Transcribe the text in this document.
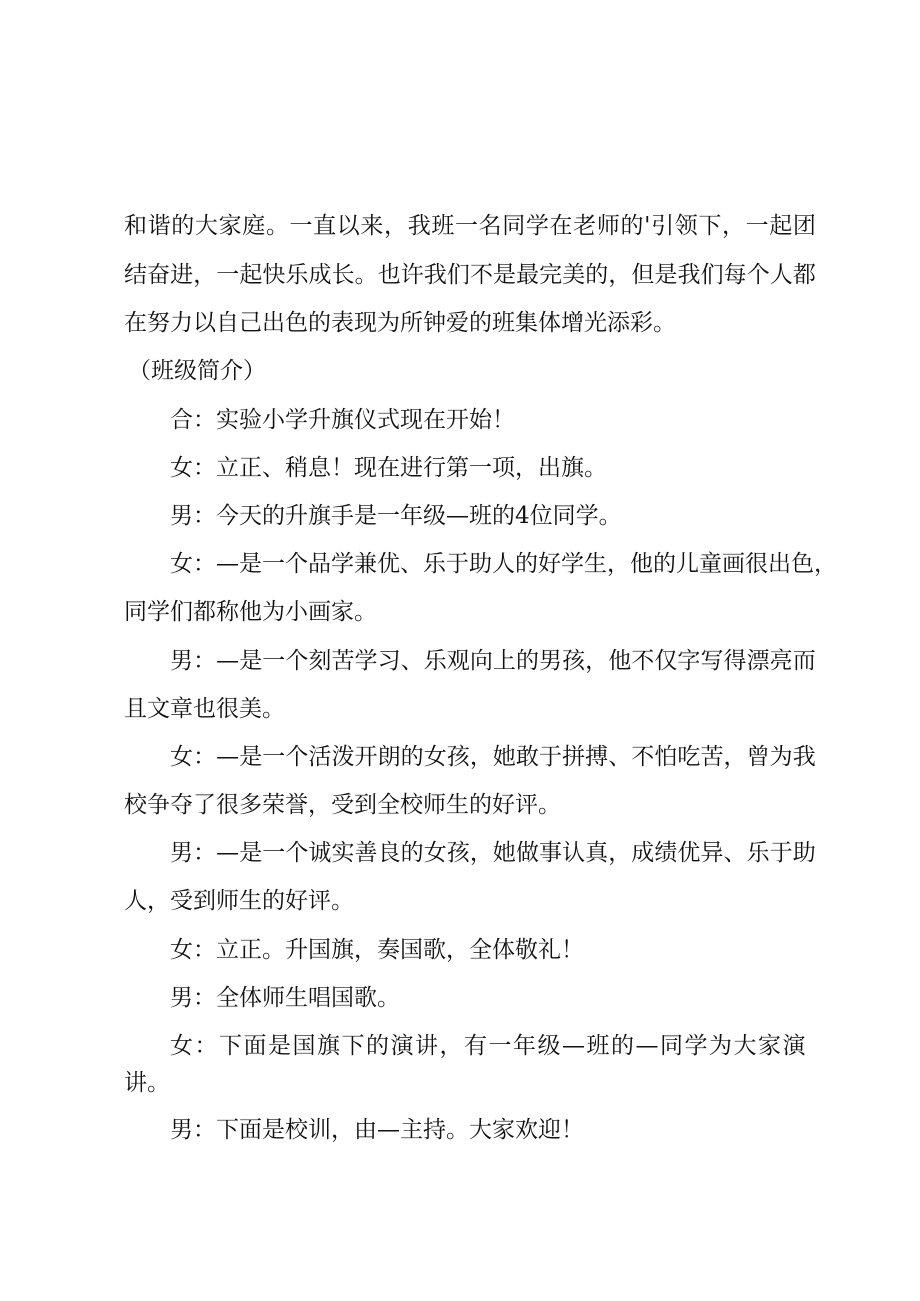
和 谐 的 大 家 庭 。 一 直 以 来 ， 我 班 一 名 同 学 在 老 师 的 ' 引 领 下 ， 一 起 团
结 奋 进 ， 一 起 快 乐 成 长 。 也 许 我 们 不 是 最 完 美 的 ， 但 是 我 们 每 个 人 都
在努力以自己出色的表现为所钟爱的班集体增光添彩。
（班级简介）
合：实验小学升旗仪式现在开始！
女：立正、稍息！现在进行第一项，出旗。
男：今天的升旗手是一年级—班的4位同学。
女 ： — 是 一 个 品 学 兼 优 、 乐 于 助 人 的 好 学 生 ， 他 的 儿 童 画 很 出 色 ，
同学们都称他为小画家。
男 ： — 是 一 个 刻 苦 学 习 、 乐 观 向 上 的 男 孩 ， 他 不 仅 字 写 得 漂 亮 而
且文章也很美。
女 ： — 是 一 个 活 泼 开 朗 的 女 孩 ， 她 敢 于 拼 搏 、 不 怕 吃 苦 ， 曾 为 我
校争夺了很多荣誉，受到全校师生的好评。
男 ： — 是 一 个 诚 实 善 良 的 女 孩 ， 她 做 事 认 真 ， 成 绩 优 异 、 乐 于 助
人，受到师生的好评。
女：立正。升国旗，奏国歌，全体敬礼！
男：全体师生唱国歌。
女：下面是国旗下的演讲，有一年级—班的—同学为大家演
讲。
男：下面是校训，由—主持。大家欢迎！
